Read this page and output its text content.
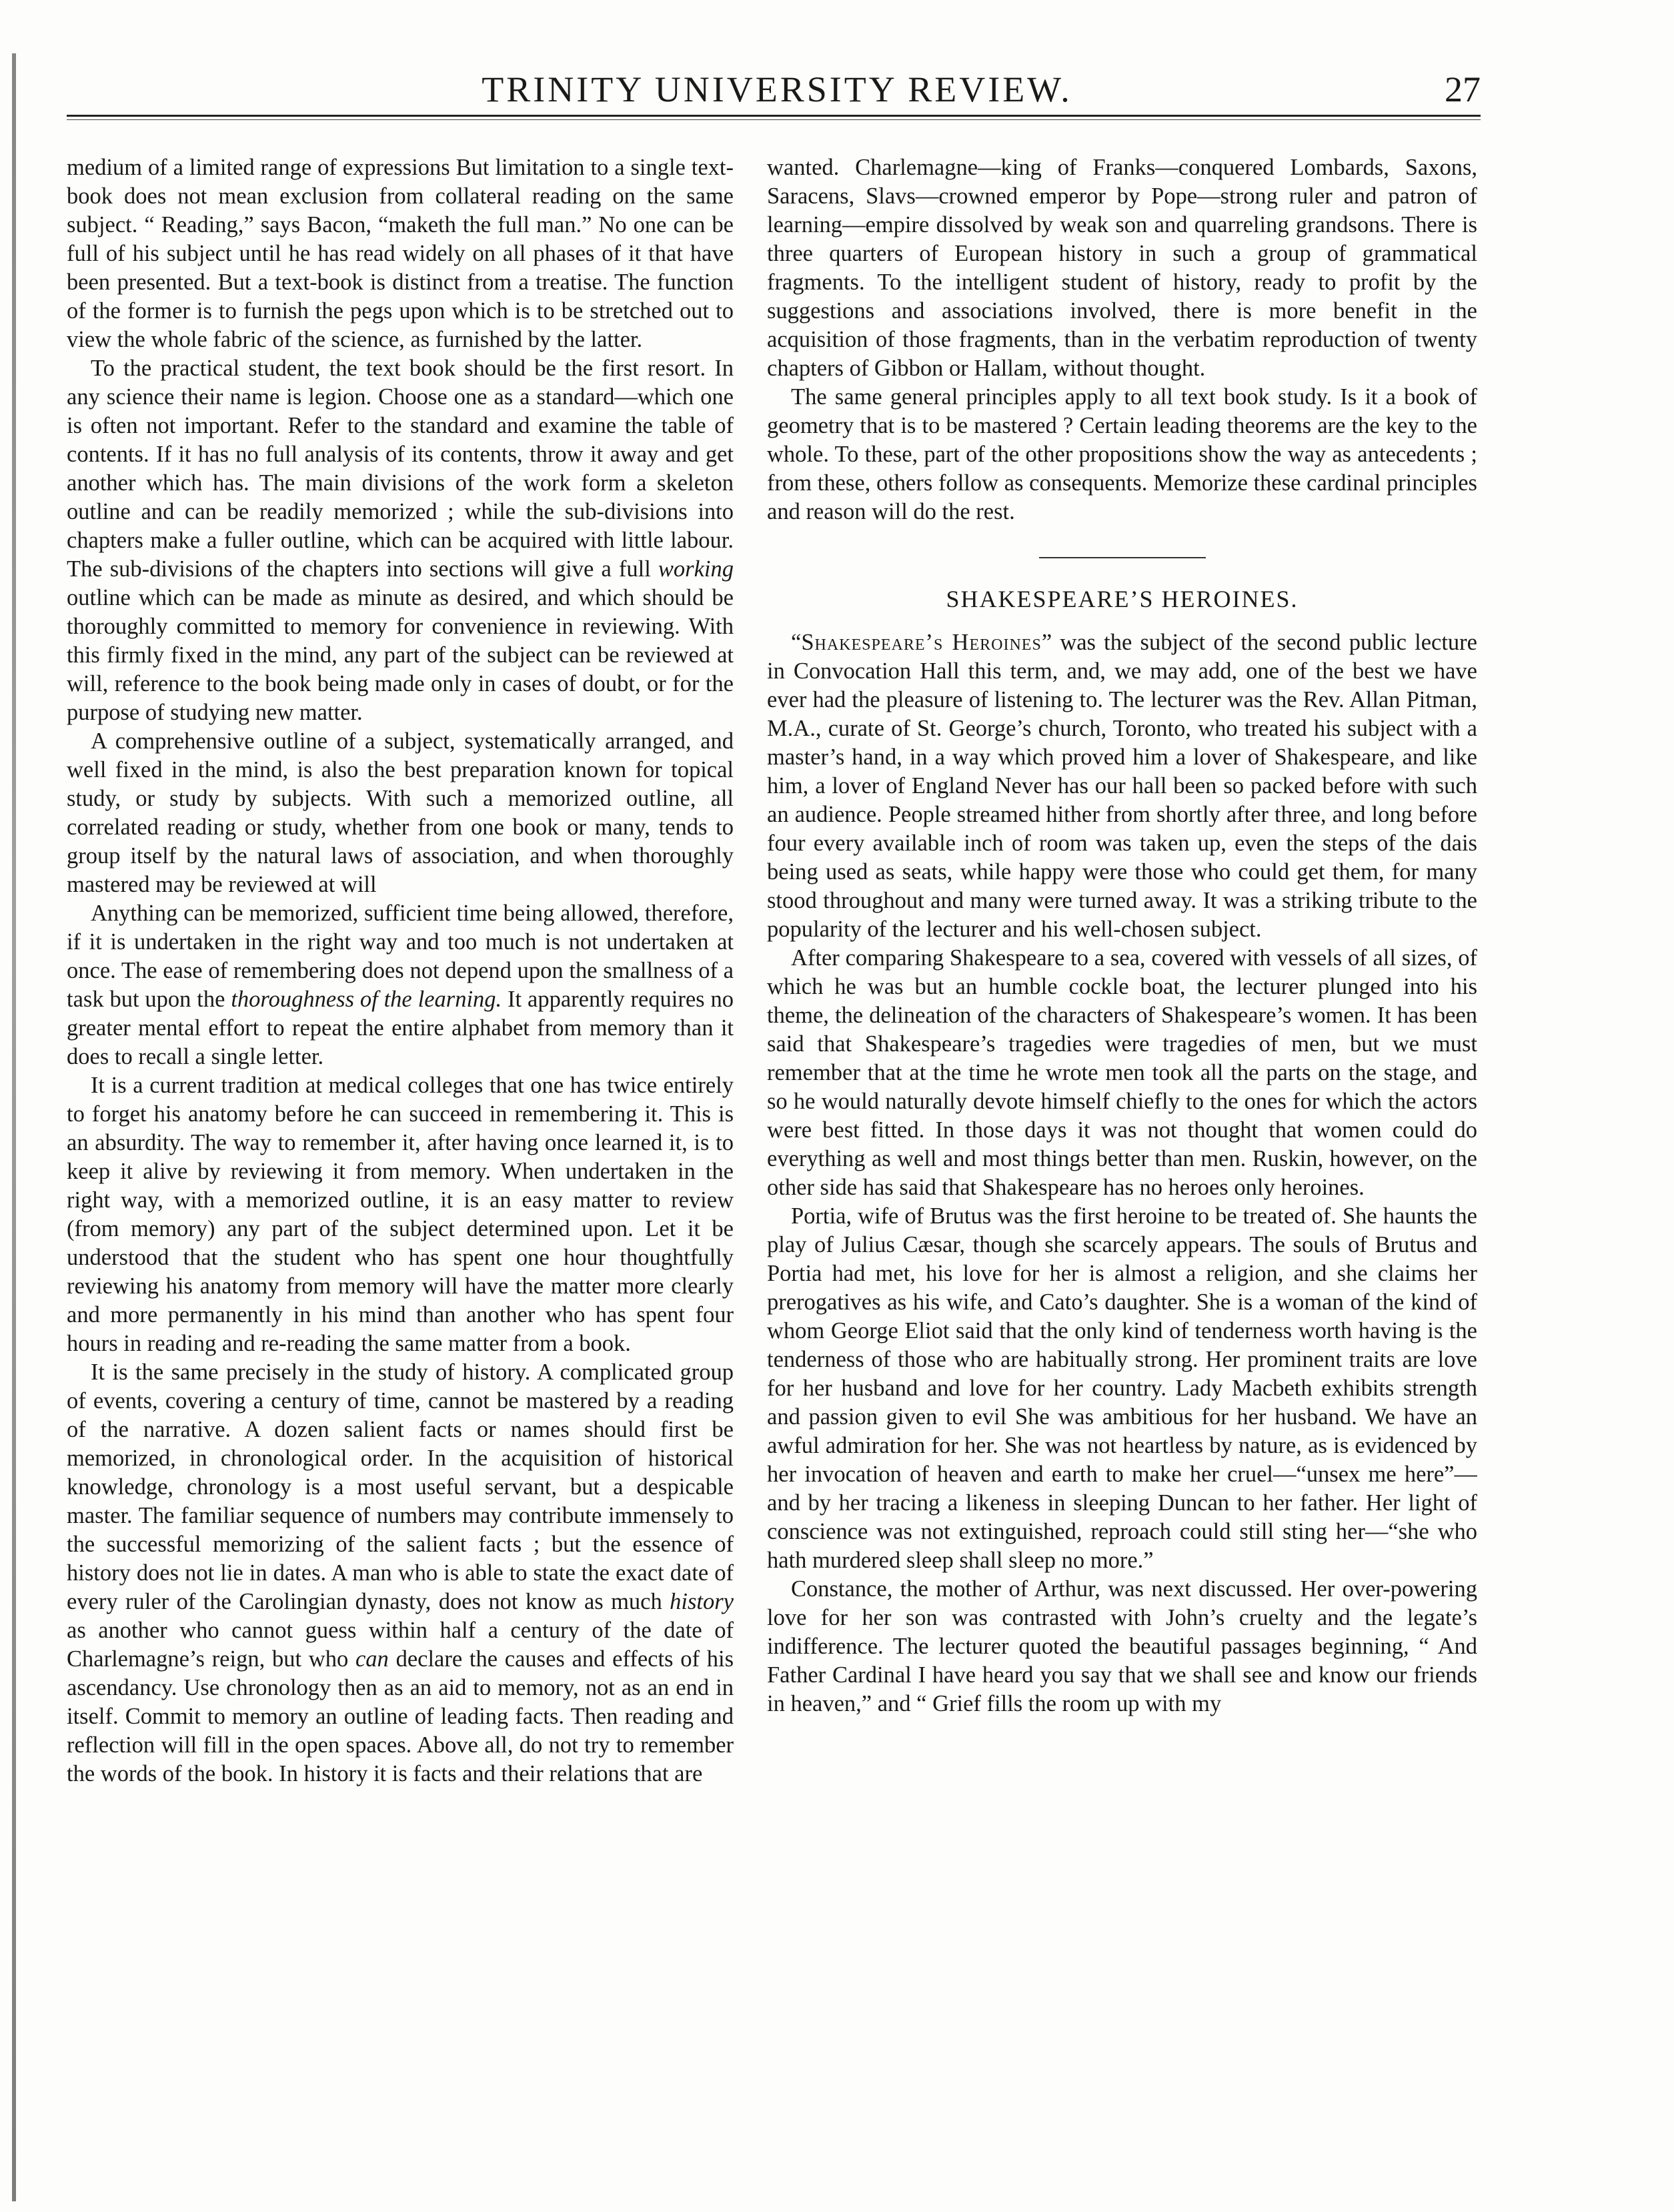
TRINITY UNIVERSITY REVIEW.	27

medium of a limited range of expressions But limitation to a single text-book does not mean exclusion from collateral reading on the same subject. “ Reading,” says Bacon, “maketh the full man.” No one can be full of his subject until he has read widely on all phases of it that have been presented. But a text-book is distinct from a treatise. The function of the former is to furnish the pegs upon which is to be stretched out to view the whole fabric of the science, as furnished by the latter.

To the practical student, the text book should be the first resort. In any science their name is legion. Choose one as a standard—which one is often not important. Refer to the standard and examine the table of contents. If it has no full analysis of its contents, throw it away and get another which has. The main divisions of the work form a skeleton outline and can be readily memorized ; while the sub-divisions into chapters make a fuller outline, which can be acquired with little labour. The sub-divisions of the chapters into sections will give a full working outline which can be made as minute as desired, and which should be thoroughly committed to memory for convenience in reviewing. With this firmly fixed in the mind, any part of the subject can be reviewed at will, reference to the book being made only in cases of doubt, or for the purpose of studying new matter.

A comprehensive outline of a subject, systematically arranged, and well fixed in the mind, is also the best preparation known for topical study, or study by subjects. With such a memorized outline, all correlated reading or study, whether from one book or many, tends to group itself by the natural laws of association, and when thoroughly mastered may be reviewed at will

Anything can be memorized, sufficient time being allowed, therefore, if it is undertaken in the right way and too much is not undertaken at once. The ease of remembering does not depend upon the smallness of a task but upon the thoroughness of the learning. It apparently requires no greater mental effort to repeat the entire alphabet from memory than it does to recall a single letter.

It is a current tradition at medical colleges that one has twice entirely to forget his anatomy before he can succeed in remembering it. This is an absurdity. The way to remember it, after having once learned it, is to keep it alive by reviewing it from memory. When undertaken in the right way, with a memorized outline, it is an easy matter to review (from memory) any part of the subject determined upon. Let it be understood that the student who has spent one hour thoughtfully reviewing his anatomy from memory will have the matter more clearly and more permanently in his mind than another who has spent four hours in reading and re-reading the same matter from a book.

It is the same precisely in the study of history. A complicated group of events, covering a century of time, cannot be mastered by a reading of the narrative. A dozen salient facts or names should first be memorized, in chronological order. In the acquisition of historical knowledge, chronology is a most useful servant, but a despicable master. The familiar sequence of numbers may contribute immensely to the successful memorizing of the salient facts ; but the essence of history does not lie in dates. A man who is able to state the exact date of every ruler of the Carolingian dynasty, does not know as much history as another who cannot guess within half a century of the date of Charlemagne’s reign, but who can declare the causes and effects of his ascendancy. Use chronology then as an aid to memory, not as an end in itself. Commit to memory an outline of leading facts. Then reading and reflection will fill in the open spaces. Above all, do not try to remember the words of the book. In history it is facts and their relations that are

wanted. Charlemagne—king of Franks—conquered Lombards, Saxons, Saracens, Slavs—crowned emperor by Pope—strong ruler and patron of learning—empire dissolved by weak son and quarreling grandsons. There is three quarters of European history in such a group of grammatical fragments. To the intelligent student of history, ready to profit by the suggestions and associations involved, there is more benefit in the acquisition of those fragments, than in the verbatim reproduction of twenty chapters of Gibbon or Hallam, without thought.

The same general principles apply to all text book study. Is it a book of geometry that is to be mastered ? Certain leading theorems are the key to the whole. To these, part of the other propositions show the way as antecedents ; from these, others follow as consequents. Memorize these cardinal principles and reason will do the rest.

SHAKESPEARE’S HEROINES.

“Shakespeare’s Heroines” was the subject of the second public lecture in Convocation Hall this term, and, we may add, one of the best we have ever had the pleasure of listening to. The lecturer was the Rev. Allan Pitman, M.A., curate of St. George’s church, Toronto, who treated his subject with a master’s hand, in a way which proved him a lover of Shakespeare, and like him, a lover of England Never has our hall been so packed before with such an audience. People streamed hither from shortly after three, and long before four every available inch of room was taken up, even the steps of the dais being used as seats, while happy were those who could get them, for many stood throughout and many were turned away. It was a striking tribute to the popularity of the lecturer and his well-chosen subject.

After comparing Shakespeare to a sea, covered with vessels of all sizes, of which he was but an humble cockle boat, the lecturer plunged into his theme, the delineation of the characters of Shakespeare’s women. It has been said that Shakespeare’s tragedies were tragedies of men, but we must remember that at the time he wrote men took all the parts on the stage, and so he would naturally devote himself chiefly to the ones for which the actors were best fitted. In those days it was not thought that women could do everything as well and most things better than men. Ruskin, however, on the other side has said that Shakespeare has no heroes only heroines.

Portia, wife of Brutus was the first heroine to be treated of. She haunts the play of Julius Cæsar, though she scarcely appears. The souls of Brutus and Portia had met, his love for her is almost a religion, and she claims her prerogatives as his wife, and Cato’s daughter. She is a woman of the kind of whom George Eliot said that the only kind of tenderness worth having is the tenderness of those who are habitually strong. Her prominent traits are love for her husband and love for her country. Lady Macbeth exhibits strength and passion given to evil She was ambitious for her husband. We have an awful admiration for her. She was not heartless by nature, as is evidenced by her invocation of heaven and earth to make her cruel—“unsex me here”—and by her tracing a likeness in sleeping Duncan to her father. Her light of conscience was not extinguished, reproach could still sting her—“she who hath murdered sleep shall sleep no more.”

Constance, the mother of Arthur, was next discussed. Her over-powering love for her son was contrasted with John’s cruelty and the legate’s indifference. The lecturer quoted the beautiful passages beginning, “ And Father Cardinal I have heard you say that we shall see and know our friends in heaven,” and “ Grief fills the room up with my
